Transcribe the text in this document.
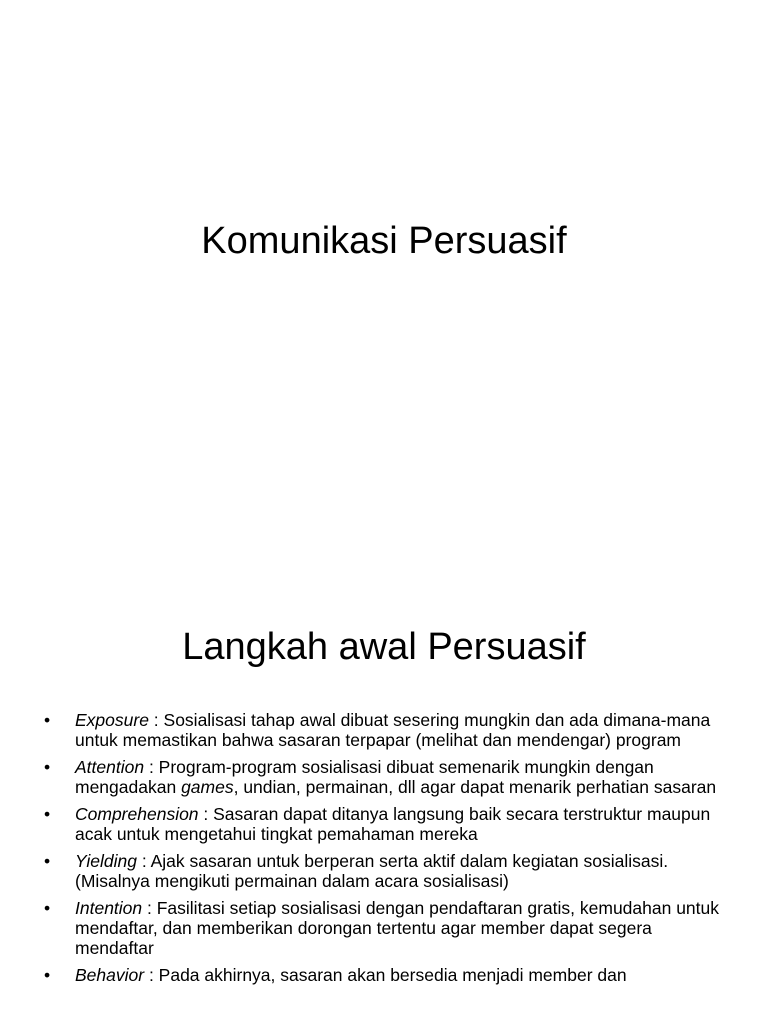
Komunikasi Persuasif
Langkah awal Persuasif
• Exposure : Sosialisasi tahap awal dibuat sesering mungkin dan ada dimana-mana untuk memastikan bahwa sasaran terpapar (melihat dan mendengar) program
• Attention : Program-program sosialisasi dibuat semenarik mungkin dengan mengadakan games, undian, permainan, dll agar dapat menarik perhatian sasaran
• Comprehension : Sasaran dapat ditanya langsung baik secara terstruktur maupun acak untuk mengetahui tingkat pemahaman mereka
• Yielding : Ajak sasaran untuk berperan serta aktif dalam kegiatan sosialisasi. (Misalnya mengikuti permainan dalam acara sosialisasi)
• Intention : Fasilitasi setiap sosialisasi dengan pendaftaran gratis, kemudahan untuk mendaftar, dan memberikan dorongan tertentu agar member dapat segera mendaftar
• Behavior : Pada akhirnya, sasaran akan bersedia menjadi member dan
